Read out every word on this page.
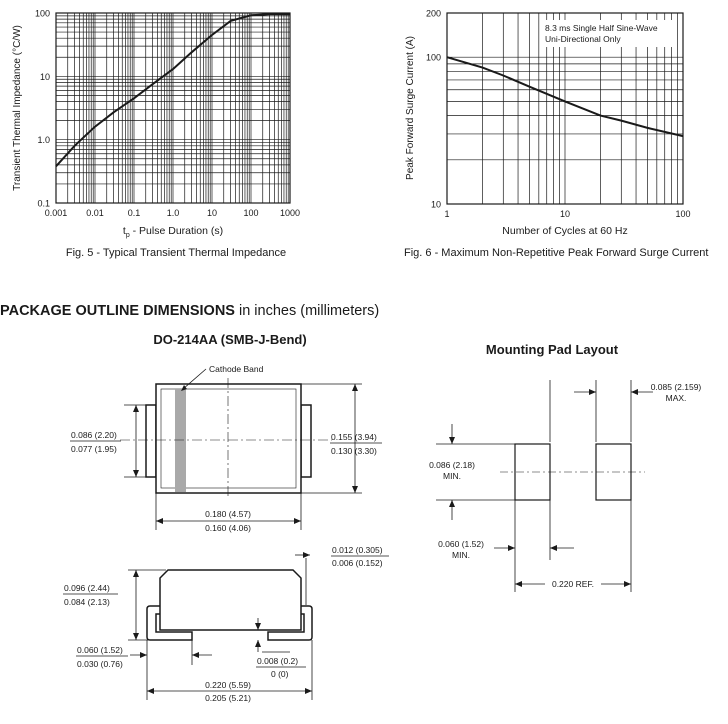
0.001 0.01	0.1	1.0	10	100 1000
0.1
1.0
10
100
$t_p$ - Pulse Duration (s)
Transient Thermal Impedance (°C/W)
Fig. 5 - Typical Transient Thermal Impedance
1	10	100
10
100
200
8.3 ms Single Half Sine-Wave
Uni-Directional Only
Number of Cycles at 60 Hz
Peak Forward Surge Current (A)
Fig. 6 - Maximum Non-Repetitive Peak Forward Surge Current
PACKAGE OUTLINE DIMENSIONS in inches (millimeters)
DO-214AA (SMB-J-Bend)
Cathode Band
0.086 (2.20)
0.077 (1.95)
0.155 (3.94)
0.130 (3.30)
0.180 (4.57)
0.160 (4.06)
0.012 (0.305)
0.006 (0.152)
0.096 (2.44)
0.084 (2.13)
0.060 (1.52)
0.030 (0.76)	0.008 (0.2)
0 (0)
0.220 (5.59)
0.205 (5.21)
Mounting Pad Layout
0.085 (2.159)
MAX.
0.086 (2.18)
MIN.
0.060 (1.52)
MIN.
0.220 REF.
